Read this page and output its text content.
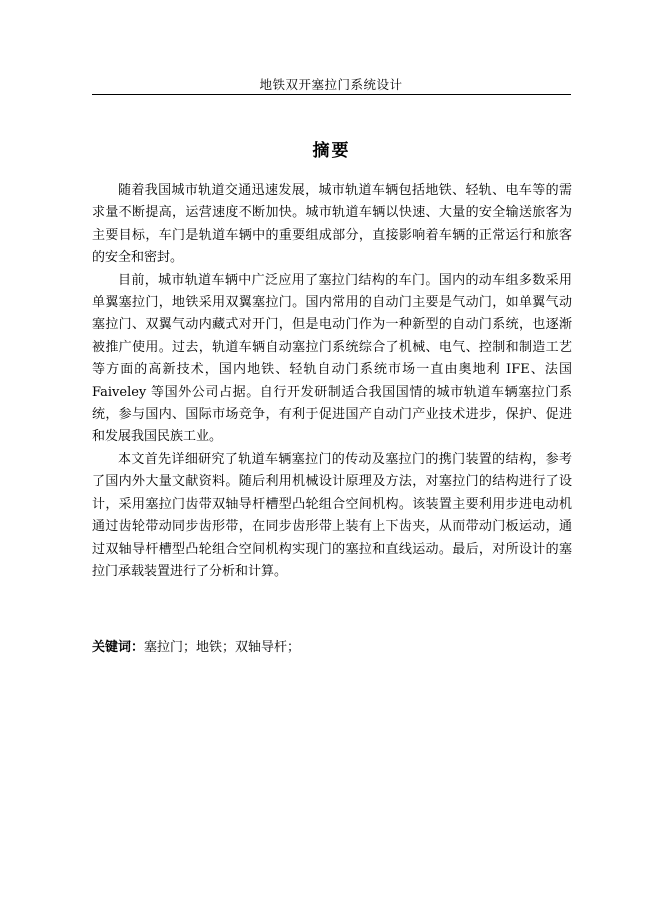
地铁双开塞拉门系统设计
摘要

随着我国城市轨道交通迅速发展，城市轨道车辆包括地铁、轻轨、电车等的需求量不断提高，运营速度不断加快。城市轨道车辆以快速、大量的安全输送旅客为主要目标，车门是轨道车辆中的重要组成部分，直接影响着车辆的正常运行和旅客的安全和密封。

目前，城市轨道车辆中广泛应用了塞拉门结构的车门。国内的动车组多数采用单翼塞拉门，地铁采用双翼塞拉门。国内常用的自动门主要是气动门，如单翼气动塞拉门、双翼气动内藏式对开门，但是电动门作为一种新型的自动门系统，也逐渐被推广使用。过去，轨道车辆自动塞拉门系统综合了机械、电气、控制和制造工艺等方面的高新技术，国内地铁、轻轨自动门系统市场一直由奥地利 IFE、法国 Faiveley 等国外公司占据。自行开发研制适合我国国情的城市轨道车辆塞拉门系统，参与国内、国际市场竞争，有利于促进国产自动门产业技术进步，保护、促进和发展我国民族工业。

本文首先详细研究了轨道车辆塞拉门的传动及塞拉门的携门装置的结构，参考了国内外大量文献资料。随后利用机械设计原理及方法，对塞拉门的结构进行了设计，采用塞拉门齿带双轴导杆槽型凸轮组合空间机构。该装置主要利用步进电动机通过齿轮带动同步齿形带，在同步齿形带上装有上下齿夹，从而带动门板运动，通过双轴导杆槽型凸轮组合空间机构实现门的塞拉和直线运动。最后，对所设计的塞拉门承载装置进行了分析和计算。

关键词：塞拉门；地铁；双轴导杆；
